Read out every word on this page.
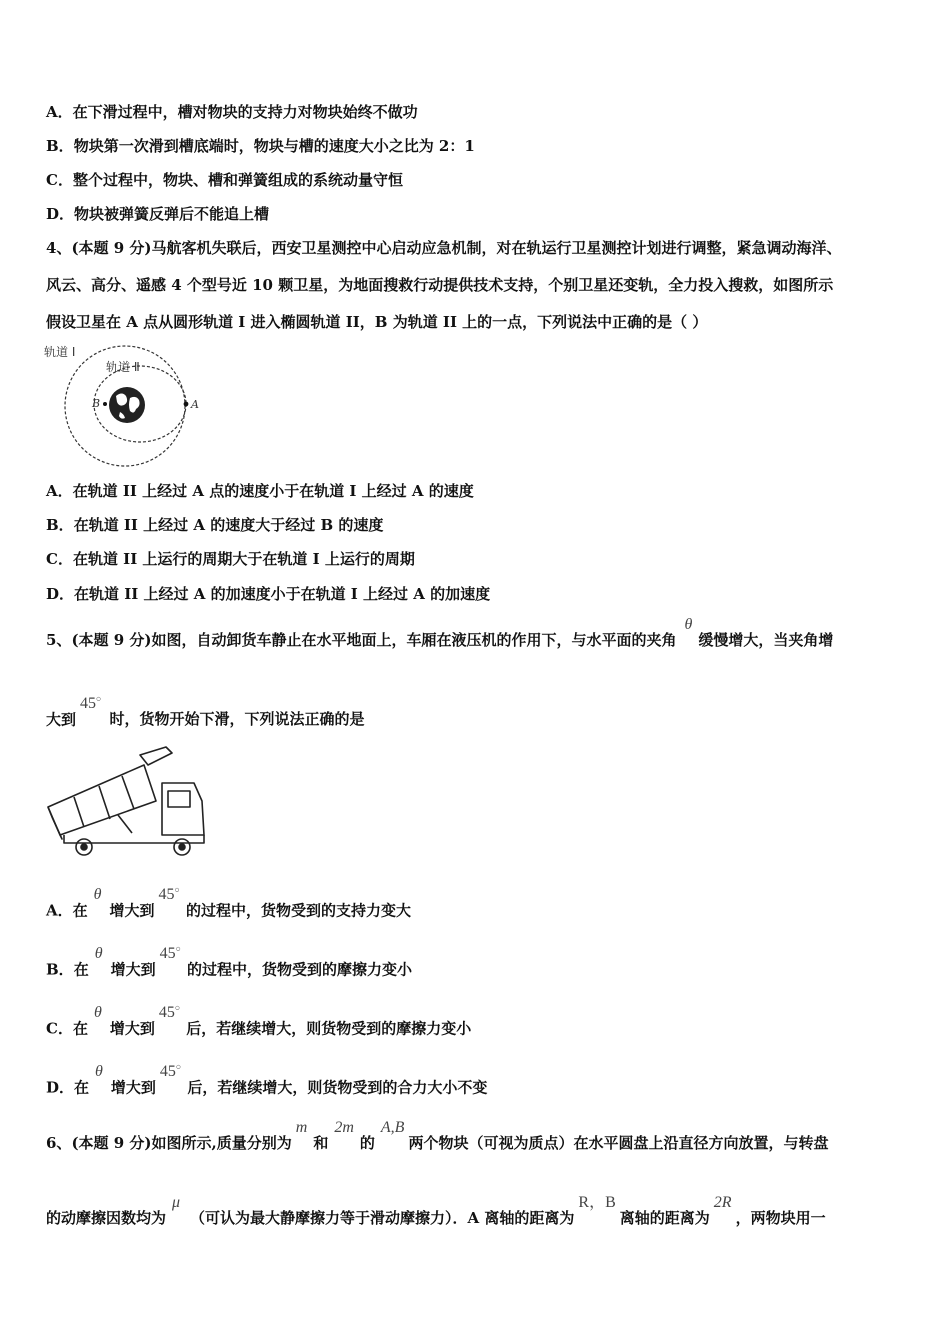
A．在下滑过程中，槽对物块的支持力对物块始终不做功
B．物块第一次滑到槽底端时，物块与槽的速度大小之比为 2：1
C．整个过程中，物块、槽和弹簧组成的系统动量守恒
D．物块被弹簧反弹后不能追上槽
4、(本题 9 分)马航客机失联后，西安卫星测控中心启动应急机制，对在轨运行卫星测控计划进行调整，紧急调动海洋、
风云、高分、遥感 4 个型号近 10 颗卫星，为地面搜救行动提供技术支持，个别卫星还变轨，全力投入搜救，如图所示
假设卫星在 A 点从圆形轨道 I 进入椭圆轨道 II，B 为轨道 II 上的一点，下列说法中正确的是（ ）
轨道 Ⅰ
轨道 Ⅱ
A
B
A．在轨道 II 上经过 A 点的速度小于在轨道 I 上经过 A 的速度
B．在轨道 II 上经过 A 的速度大于经过 B 的速度
C．在轨道 II 上运行的周期大于在轨道 I 上运行的周期
D．在轨道 II 上经过 A 的加速度小于在轨道 I 上经过 A 的加速度
5、(本题 9 分)如图，自动卸货车静止在水平地面上，车厢在液压机的作用下，与水平面的夹角θ缓慢增大，当夹角增
大到45○时，货物开始下滑，下列说法正确的是
A．在θ增大到45○的过程中，货物受到的支持力变大
B．在θ增大到45○的过程中，货物受到的摩擦力变小
C．在θ增大到45○后，若继续增大，则货物受到的摩擦力变小
D．在θ增大到45○后，若继续增大，则货物受到的合力大小不变
6、(本题 9 分)如图所示,质量分别为m和2m的A,B两个物块（可视为质点）在水平圆盘上沿直径方向放置，与转盘
的动摩擦因数均为μ（可认为最大静摩擦力等于滑动摩擦力）．A 离轴的距离为R，B离轴的距离为2R，两物块用一
